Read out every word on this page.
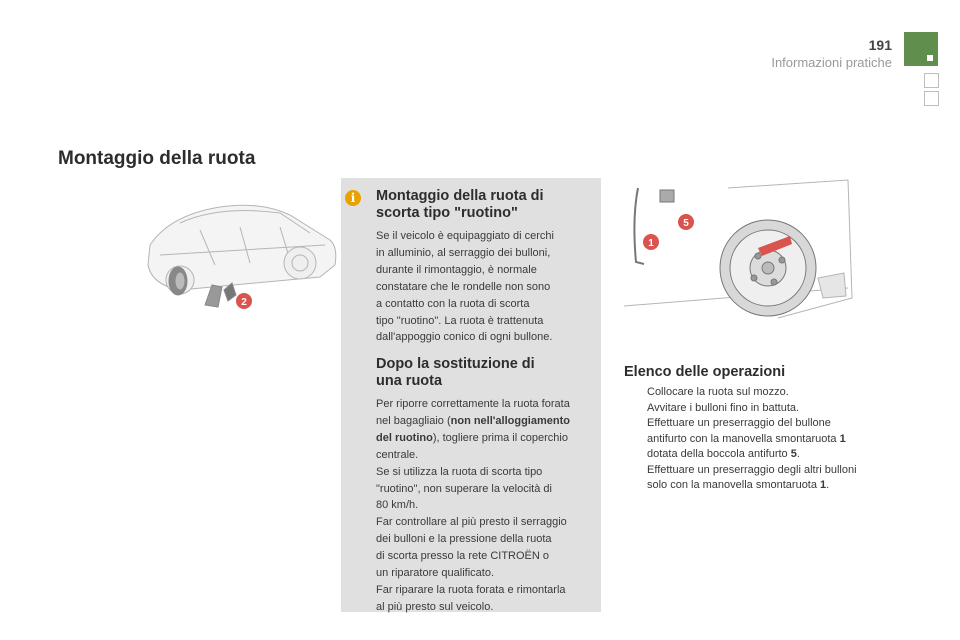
191
Informazioni pratiche
Montaggio della ruota
2
i	Montaggio della ruota di
scorta tipo "ruotino"
Se il veicolo è equipaggiato di cerchi
in alluminio, al serraggio dei bulloni,
durante il rimontaggio, è normale
constatare che le rondelle non sono
a contatto con la ruota di scorta
tipo "ruotino". La ruota è trattenuta
dall'appoggio conico di ogni bullone.
Dopo la sostituzione di
una ruota
Per riporre correttamente la ruota forata
nel bagagliaio (non nell'alloggiamento
del ruotino), togliere prima il coperchio
centrale.
Se si utilizza la ruota di scorta tipo
"ruotino", non superare la velocità di
80 km/h.
Far controllare al più presto il serraggio
dei bulloni e la pressione della ruota
di scorta presso la rete CITROËN o
un riparatore qualificato.
Far riparare la ruota forata e rimontarla
al più presto sul veicolo.
1
5
Elenco delle operazioni
Collocare la ruota sul mozzo.
Avvitare i bulloni fino in battuta.
Effettuare un preserraggio del bullone
antifurto con la manovella smontaruota 1
dotata della boccola antifurto 5.
Effettuare un preserraggio degli altri bulloni
solo con la manovella smontaruota 1.
